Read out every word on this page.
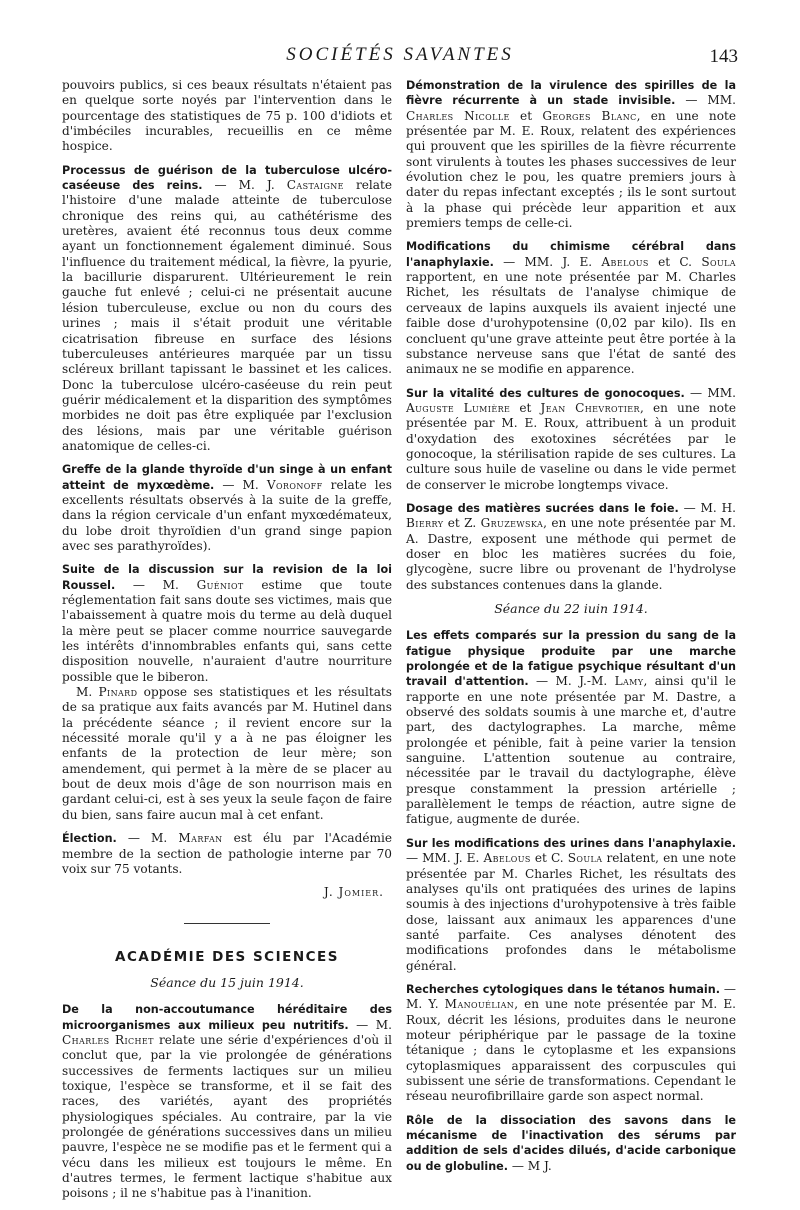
SOCIÉTÉS SAVANTES	143

pouvoirs publics, si ces beaux résultats n'étaient pas en quelque sorte noyés par l'intervention dans le pourcentage des statistiques de 75 p. 100 d'idiots et d'imbéciles incurables, recueillis en ce même hospice.

Processus de guérison de la tuberculose ulcéro-caséeuse des reins. — M. J. Castaigne relate l'histoire d'une malade atteinte de tuberculose chronique des reins qui, au cathétérisme des uretères, avaient été reconnus tous deux comme ayant un fonctionnement également diminué. Sous l'influence du traitement médical, la fièvre, la pyurie, la bacillurie disparurent. Ultérieurement le rein gauche fut enlevé ; celui-ci ne présentait aucune lésion tuberculeuse, exclue ou non du cours des urines ; mais il s'était produit une véritable cicatrisation fibreuse en surface des lésions tuberculeuses antérieures marquée par un tissu scléreux brillant tapissant le bassinet et les calices. Donc la tuberculose ulcéro-caséeuse du rein peut guérir médicalement et la disparition des symptômes morbides ne doit pas être expliquée par l'exclusion des lésions, mais par une véritable guérison anatomique de celles-ci.

Greffe de la glande thyroïde d'un singe à un enfant atteint de myxœdème. — M. Voronoff relate les excellents résultats observés à la suite de la greffe, dans la région cervicale d'un enfant myxœdémateux, du lobe droit thyroïdien d'un grand singe papion avec ses parathyroïdes).

Suite de la discussion sur la revision de la loi Roussel. — M. Guéniot estime que toute réglementation fait sans doute ses victimes, mais que l'abaissement à quatre mois du terme au delà duquel la mère peut se placer comme nourrice sauvegarde les intérêts d'innombrables enfants qui, sans cette disposition nouvelle, n'auraient d'autre nourriture possible que le biberon.

M. Pinard oppose ses statistiques et les résultats de sa pratique aux faits avancés par M. Hutinel dans la précédente séance ; il revient encore sur la nécessité morale qu'il y a à ne pas éloigner les enfants de la protection de leur mère; son amendement, qui permet à la mère de se placer au bout de deux mois d'âge de son nourrison mais en gardant celui-ci, est à ses yeux la seule façon de faire du bien, sans faire aucun mal à cet enfant.

Élection. — M. Marfan est élu par l'Académie membre de la section de pathologie interne par 70 voix sur 75 votants.

J. Jomier.
ACADÉMIE DES SCIENCES
Séance du 15 juin 1914.

De la non-accoutumance héréditaire des microorganismes aux milieux peu nutritifs. — M. Charles Richet relate une série d'expériences d'où il conclut que, par la vie prolongée de générations successives de ferments lactiques sur un milieu toxique, l'espèce se transforme, et il se fait des races, des variétés, ayant des propriétés physiologiques spéciales. Au contraire, par la vie prolongée de générations successives dans un milieu pauvre, l'espèce ne se modifie pas et le ferment qui a vécu dans les milieux est toujours le même. En d'autres termes, le ferment lactique s'habitue aux poisons ; il ne s'habitue pas à l'inanition.

Démonstration de la virulence des spirilles de la fièvre récurrente à un stade invisible. — MM. Charles Nicolle et Georges Blanc, en une note présentée par M. E. Roux, relatent des expériences qui prouvent que les spirilles de la fièvre récurrente sont virulents à toutes les phases successives de leur évolution chez le pou, les quatre premiers jours à dater du repas infectant exceptés ; ils le sont surtout à la phase qui précède leur apparition et aux premiers temps de celle-ci.

Modifications du chimisme cérébral dans l'anaphylaxie. — MM. J. E. Abelous et C. Soula rapportent, en une note présentée par M. Charles Richet, les résultats de l'analyse chimique de cerveaux de lapins auxquels ils avaient injecté une faible dose d'urohypotensine (0,02 par kilo). Ils en concluent qu'une grave atteinte peut être portée à la substance nerveuse sans que l'état de santé des animaux ne se modifie en apparence.

Sur la vitalité des cultures de gonocoques. — MM. Auguste Lumière et Jean Chevrotier, en une note présentée par M. E. Roux, attribuent à un produit d'oxydation des exotoxines sécrétées par le gonocoque, la stérilisation rapide de ses cultures. La culture sous huile de vaseline ou dans le vide permet de conserver le microbe longtemps vivace.

Dosage des matières sucrées dans le foie. — M. H. Bierry et Z. Gruzewska, en une note présentée par M. A. Dastre, exposent une méthode qui permet de doser en bloc les matières sucrées du foie, glycogène, sucre libre ou provenant de l'hydrolyse des substances contenues dans la glande.

Séance du 22 iuin 1914.

Les effets comparés sur la pression du sang de la fatigue physique produite par une marche prolongée et de la fatigue psychique résultant d'un travail d'attention. — M. J.-M. Lamy, ainsi qu'il le rapporte en une note présentée par M. Dastre, a observé des soldats soumis à une marche et, d'autre part, des dactylographes. La marche, même prolongée et pénible, fait à peine varier la tension sanguine. L'attention soutenue au contraire, nécessitée par le travail du dactylographe, élève presque constamment la pression artérielle ; parallèlement le temps de réaction, autre signe de fatigue, augmente de durée.

Sur les modifications des urines dans l'anaphylaxie. — MM. J. E. Abelous et C. Soula relatent, en une note présentée par M. Charles Richet, les résultats des analyses qu'ils ont pratiquées des urines de lapins soumis à des injections d'urohypotensive à très faible dose, laissant aux animaux les apparences d'une santé parfaite. Ces analyses dénotent des modifications profondes dans le métabolisme général.

Recherches cytologiques dans le tétanos humain. — M. Y. Manouélian, en une note présentée par M. E. Roux, décrit les lésions, produites dans le neurone moteur périphérique par le passage de la toxine tétanique ; dans le cytoplasme et les expansions cytoplasmiques apparaissent des corpuscules qui subissent une série de transformations. Cependant le réseau neurofibrillaire garde son aspect normal.

Rôle de la dissociation des savons dans le mécanisme de l'inactivation des sérums par addition de sels d'acides dilués, d'acide carbonique ou de globuline. — M J.
